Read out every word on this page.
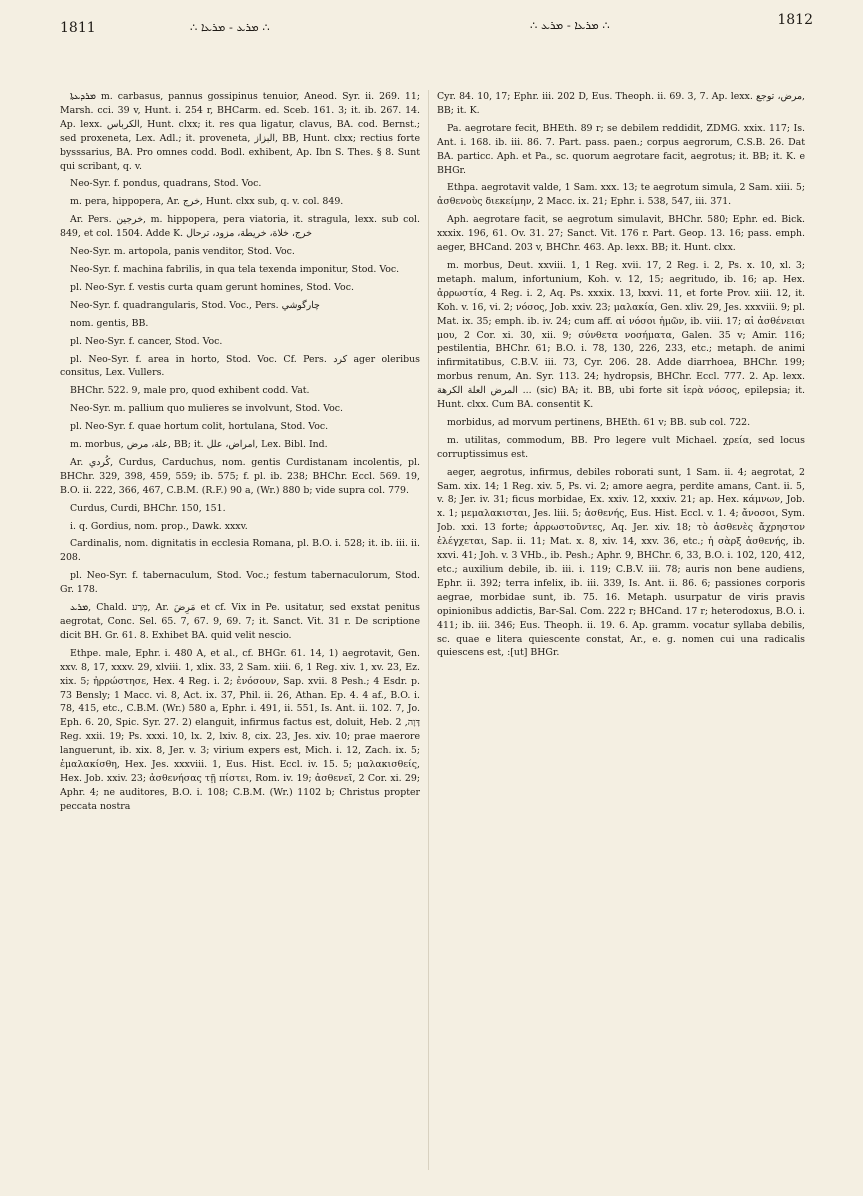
1811	∴ ܡܪܥ - ܡܪܥܐ ∴	∴ ܡܪܥܐ - ܡܪܥ ∴	1812

ܡܪܕܥܬܐ m. carbasus, pannus gossipinus tenuior, Aneod. Syr. ii. 269. 11; Marsh. cci. 39 v, Hunt. i. 254 r, BHCarm. ed. Sceb. 161. 3; it. ib. 267. 14. Ap. lexx. الكرباس, Hunt. clxx; it. res qua ligatur, clavus, BA. cod. Bernst.; sed proxeneta, Lex. Adl.; it. proveneta, البزاز, BB, Hunt. clxx; rectius forte bysssarius, BA. Pro omnes codd. Bodl. exhibent, Ap. Ibn S. Thes. § 8. Sunt qui scribant, q. v.

Neo-Syr. f. pondus, quadrans, Stod. Voc.

m. pera, hippopera, Ar. خرج, Hunt. clxx sub, q. v. col. 849.

Ar. Pers. خرجين, m. hippopera, pera viatoria, it. stragula, lexx. sub col. 849, et col. 1504. Adde K. خرج، خلاة، خريطة، مزود، ترحال

Neo-Syr. m. artopola, panis venditor, Stod. Voc.

Neo-Syr. f. machina fabrilis, in qua tela texenda imponitur, Stod. Voc.

pl. Neo-Syr. f. vestis curta quam gerunt homines, Stod. Voc.

Neo-Syr. f. quadrangularis, Stod. Voc., Pers. چارگوشي

nom. gentis, BB.

pl. Neo-Syr. f. cancer, Stod. Voc.

pl. Neo-Syr. f. area in horto, Stod. Voc. Cf. Pers. کرد ager oleribus consitus, Lex. Vullers.

BHChr. 522. 9, male pro, quod exhibent codd. Vat.

Neo-Syr. m. pallium quo mulieres se involvunt, Stod. Voc.

pl. Neo-Syr. f. quae hortum colit, hortulana, Stod. Voc.

m. morbus, علة، مرض, BB; it. امراض، علل, Lex. Bibl. Ind.

Ar. كُردي, Curdus, Carduchus, nom. gentis Curdistanam incolentis, pl. BHChr. 329, 398, 459, 559; ib. 575; f. pl. ib. 238; BHChr. Eccl. 569. 19, B.O. ii. 222, 366, 467, C.B.M. (R.F.) 90 a, (Wr.) 880 b; vide supra col. 779.

Curdus, Curdi, BHChr. 150, 151.

i. q. Gordius, nom. prop., Dawk. xxxv.

Cardinalis, nom. dignitatis in ecclesia Romana, pl. B.O. i. 528; it. ib. iii. ii. 208.

pl. Neo-Syr. f. tabernaculum, Stod. Voc.; festum tabernaculorum, Stod. Gr. 178.

ܡܪܥ, Chald. מְרַע, Ar. مَرِضَ et cf. Vix in Pe. usitatur, sed exstat penitus aegrotat, Conc. Sel. 65. 7, 67. 9, 69. 7; it. Sanct. Vit. 31 r. De scriptione dicit BH. Gr. 61. 8. Exhibet BA. quid velit nescio.

Ethpe. male, Ephr. i. 480 A, et al., cf. BHGr. 61. 14, 1) aegrotavit, Gen. xxv. 8, 17, xxxv. 29, xlviii. 1, xlix. 33, 2 Sam. xiii. 6, 1 Reg. xiv. 1, xv. 23, Ez. xix. 5; ἠρρώστησε, Hex. 4 Reg. i. 2; ἐνόσουν, Sap. xvii. 8 Pesh.; 4 Esdr. p. 73 Bensly; 1 Macc. vi. 8, Act. ix. 37, Phil. ii. 26, Athan. Ep. 4. 4 af., B.O. i. 78, 415, etc., C.B.M. (Wr.) 580 a, Ephr. i. 491, ii. 551, Is. Ant. ii. 102. 7, Jo. Eph. 6. 20, Spic. Syr. 27. 2) elanguit, infirmus factus est, doluit, Heb. דָּוָה, 2 Reg. xxii. 19; Ps. xxxi. 10, lx. 2, lxiv. 8, cix. 23, Jes. xiv. 10; prae maerore languerunt, ib. xix. 8, Jer. v. 3; virium expers est, Mich. i. 12, Zach. ix. 5; ἐμαλακίσθη, Hex. Jes. xxxviii. 1, Eus. Hist. Eccl. iv. 15. 5; μαλακισθείς, Hex. Job. xxiv. 23; ἀσθενήσας τῇ πίστει, Rom. iv. 19; ἀσθενεῖ, 2 Cor. xi. 29; Aphr. 4; ne auditores, B.O. i. 108; C.B.M. (Wr.) 1102 b; Christus propter peccata nostra

Cyr. 84. 10, 17; Ephr. iii. 202 D, Eus. Theoph. ii. 69. 3, 7. Ap. lexx. مرض، توجع, BB; it. K.

Pa. aegrotare fecit, BHEth. 89 r; se debilem reddidit, ZDMG. xxix. 117; Is. Ant. i. 168. ib. iii. 86. 7. Part. pass. paen.; corpus aegrorum, C.S.B. 26. Dat BA. particc. Aph. et Pa., sc. quorum aegrotare facit, aegrotus; it. BB; it. K. e BHGr.

Ethpa. aegrotavit valde, 1 Sam. xxx. 13; te aegrotum simula, 2 Sam. xiii. 5; ἀσθενοὺς διεκείμην, 2 Macc. ix. 21; Ephr. i. 538, 547, iii. 371.

Aph. aegrotare facit, se aegrotum simulavit, BHChr. 580; Ephr. ed. Bick. xxxix. 196, 61. Ov. 31. 27; Sanct. Vit. 176 r. Part. Geop. 13. 16; pass. emph. aeger, BHCand. 203 v, BHChr. 463. Ap. lexx. BB; it. Hunt. clxx.

m. morbus, Deut. xxviii. 1, 1 Reg. xvii. 17, 2 Reg. i. 2, Ps. x. 10, xl. 3; metaph. malum, infortunium, Koh. v. 12, 15; aegritudo, ib. 16; ap. Hex. ἀρρωστία, 4 Reg. i. 2, Aq. Ps. xxxix. 13, lxxvi. 11, et forte Prov. xiii. 12, it. Koh. v. 16, vi. 2; νόσος, Job. xxiv. 23; μαλακία, Gen. xliv. 29, Jes. xxxviii. 9; pl. Mat. ix. 35; emph. ib. iv. 24; cum aff. αἱ νόσοι ἡμῶν, ib. viii. 17; αἱ ἀσθένειαι μου, 2 Cor. xi. 30, xii. 9; σύνθετα νοσήματα, Galen. 35 v; Amir. 116; pestilentia, BHChr. 61; B.O. i. 78, 130, 226, 233, etc.; metaph. de animi infirmitatibus, C.B.V. iii. 73, Cyr. 206. 28. Adde diarrhoea, BHChr. 199; morbus renum, An. Syr. 113. 24; hydropsis, BHChr. Eccl. 777. 2. Ap. lexx. المرض العلة الكرهة ... (sic) BA; it. BB, ubi forte sit ἱερὰ νόσος, epilepsia; it. Hunt. clxx. Cum BA. consentit K.

morbidus, ad morvum pertinens, BHEth. 61 v; BB. sub col. 722.

m. utilitas, commodum, BB. Pro legere vult Michael. χρεία, sed locus corruptissimus est.

aeger, aegrotus, infirmus, debiles roborati sunt, 1 Sam. ii. 4; aegrotat, 2 Sam. xix. 14; 1 Reg. xiv. 5, Ps. vi. 2; amore aegra, perdite amans, Cant. ii. 5, v. 8; Jer. iv. 31; ficus morbidae, Ex. xxiv. 12, xxxiv. 21; ap. Hex. κάμνων, Job. x. 1; μεμαλακισται, Jes. liii. 5; ἀσθενής, Eus. Hist. Eccl. v. 1. 4; ἄνοσοι, Sym. Job. xxi. 13 forte; ἀρρωστοῦντες, Aq. Jer. xiv. 18; τὸ ἀσθενὲς ἄχρηστον ἐλέγχεται, Sap. ii. 11; Mat. x. 8, xiv. 14, xxv. 36, etc.; ἡ σὰρξ ἀσθενής, ib. xxvi. 41; Joh. v. 3 VHb., ib. Pesh.; Aphr. 9, BHChr. 6, 33, B.O. i. 102, 120, 412, etc.; auxilium debile, ib. iii. i. 119; C.B.V. iii. 78; auris non bene audiens, Ephr. ii. 392; terra infelix, ib. iii. 339, Is. Ant. ii. 86. 6; passiones corporis aegrae, morbidae sunt, ib. 75. 16. Metaph. usurpatur de viris pravis opinionibus addictis, Bar-Sal. Com. 222 r; BHCand. 17 r; heterodoxus, B.O. i. 411; ib. iii. 346; Eus. Theoph. ii. 19. 6. Ap. gramm. vocatur syllaba debilis, sc. quae e litera quiescente constat, Ar., e. g. nomen cui una radicalis quiescens est, :[ut] BHGr.
